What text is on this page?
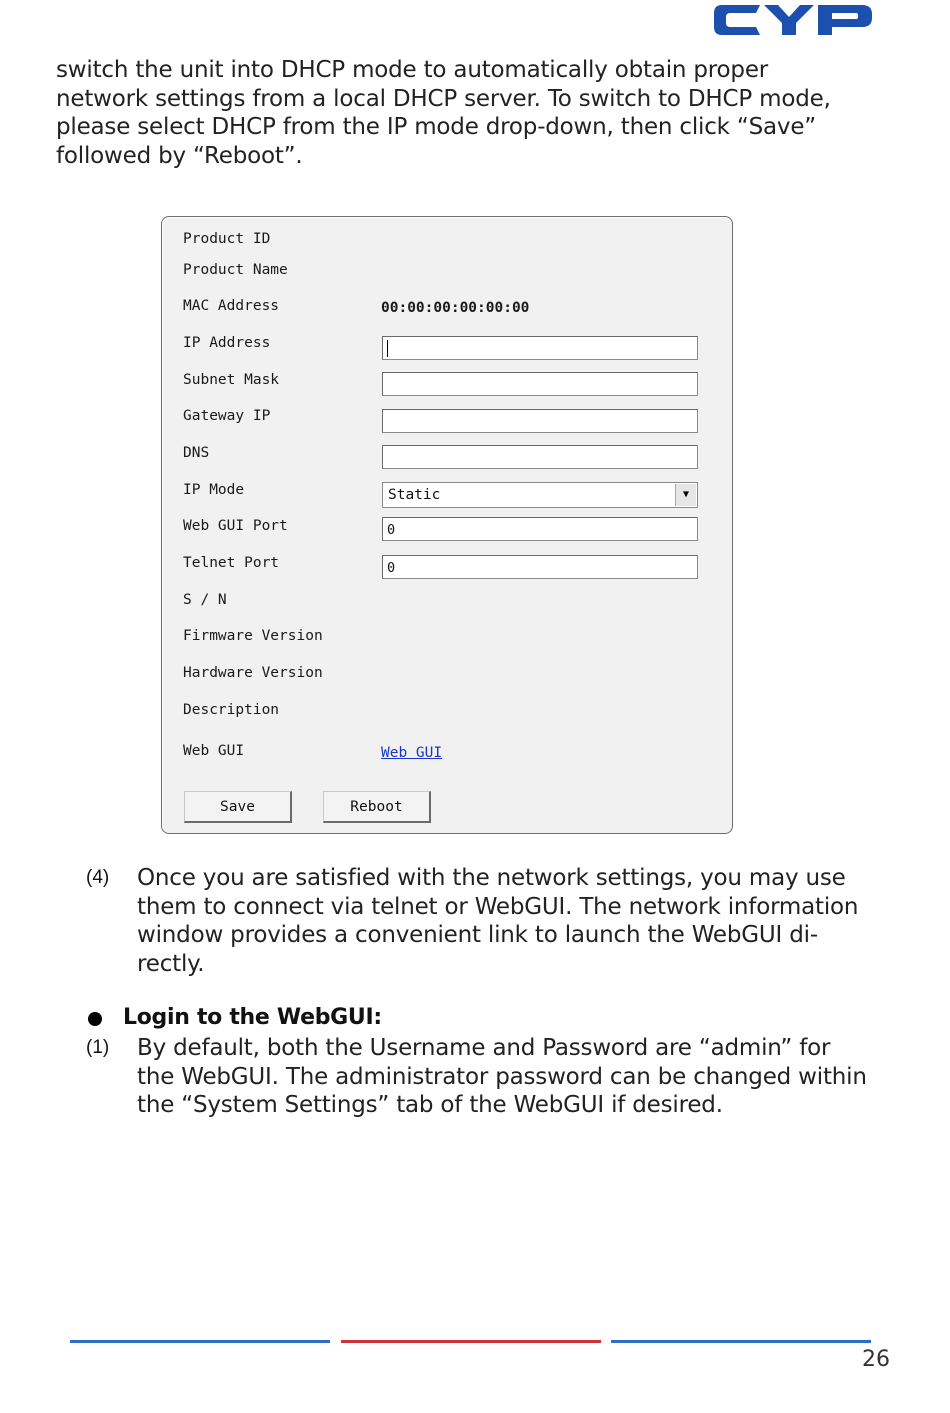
switch the unit into DHCP mode to automatically obtain proper
network settings from a local DHCP server. To switch to DHCP mode,
please select DHCP from the IP mode drop-down, then click “Save”
followed by “Reboot”.
Product ID
Product Name
MAC Address	00:00:00:00:00:00
IP Address
Subnet Mask
Gateway IP
DNS
IP Mode	Static	▼
Web GUI Port	0
Telnet Port	0
S / N
Firmware Version
Hardware Version
Description
Web GUI	Web GUI
Save	Reboot
(4) Once you are satisfied with the network settings, you may use
them to connect via telnet or WebGUI. The network information
window provides a convenient link to launch the WebGUI di-
rectly.
Login to the WebGUI:
(1) By default, both the Username and Password are “admin” for
the WebGUI. The administrator password can be changed within
the “System Settings” tab of the WebGUI if desired.
26
